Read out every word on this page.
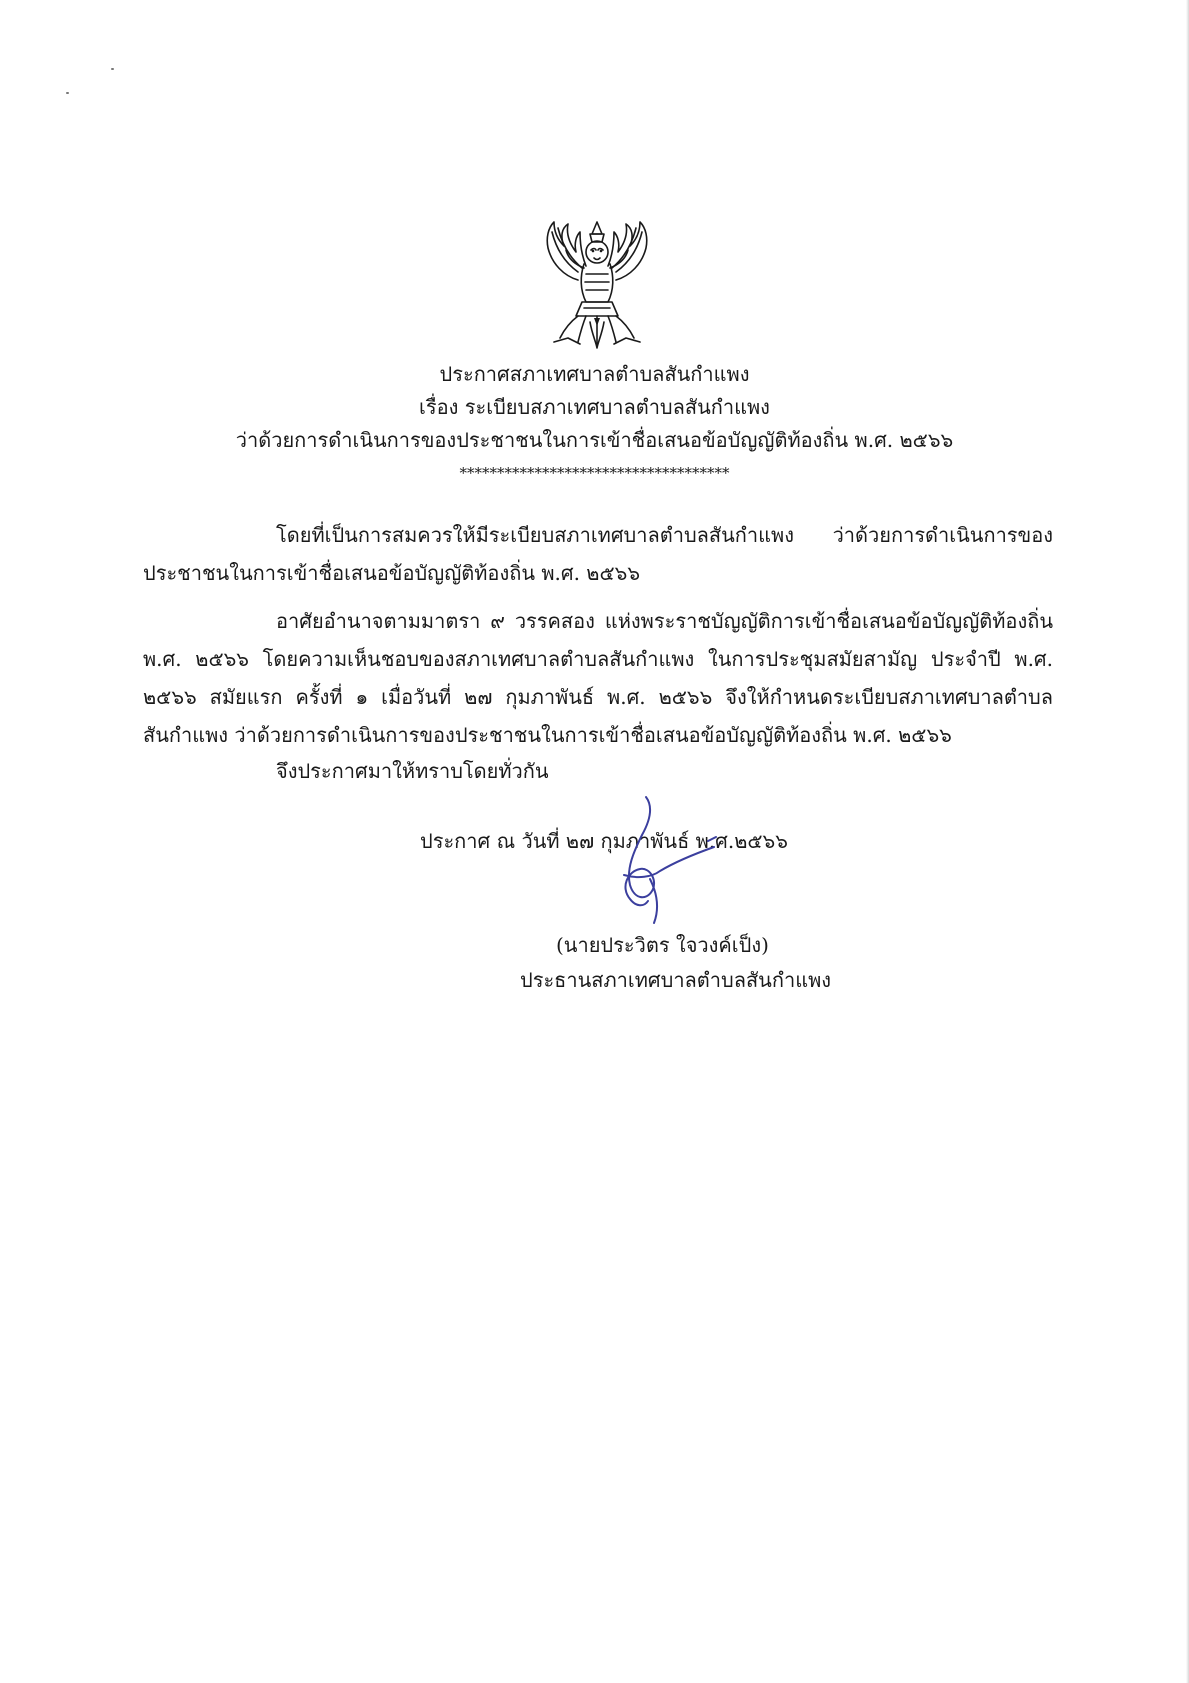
ประกาศสภาเทศบาลตำบลสันกำแพง
เรื่อง ระเบียบสภาเทศบาลตำบลสันกำแพง
ว่าด้วยการดำเนินการของประชาชนในการเข้าชื่อเสนอข้อบัญญัติท้องถิ่น พ.ศ. ๒๕๖๖
************************************
โดยที่เป็นการสมควรให้มีระเบียบสภาเทศบาลตำบลสันกำแพง ว่าด้วยการดำเนินการของประชาชนในการเข้าชื่อเสนอข้อบัญญัติท้องถิ่น พ.ศ. ๒๕๖๖
อาศัยอำนาจตามมาตรา ๙ วรรคสอง แห่งพระราชบัญญัติการเข้าชื่อเสนอข้อบัญญัติท้องถิ่น พ.ศ. ๒๕๖๖ โดยความเห็นชอบของสภาเทศบาลตำบลสันกำแพง ในการประชุมสมัยสามัญ ประจำปี พ.ศ. ๒๕๖๖ สมัยแรก ครั้งที่ ๑ เมื่อวันที่ ๒๗ กุมภาพันธ์ พ.ศ. ๒๕๖๖ จึงให้กำหนดระเบียบสภาเทศบาลตำบลสันกำแพง ว่าด้วยการดำเนินการของประชาชนในการเข้าชื่อเสนอข้อบัญญัติท้องถิ่น พ.ศ. ๒๕๖๖
จึงประกาศมาให้ทราบโดยทั่วกัน
ประกาศ ณ วันที่ ๒๗ กุมภาพันธ์ พ.ศ.๒๕๖๖
(นายประวิตร ใจวงค์เป็ง)
ประธานสภาเทศบาลตำบลสันกำแพง
